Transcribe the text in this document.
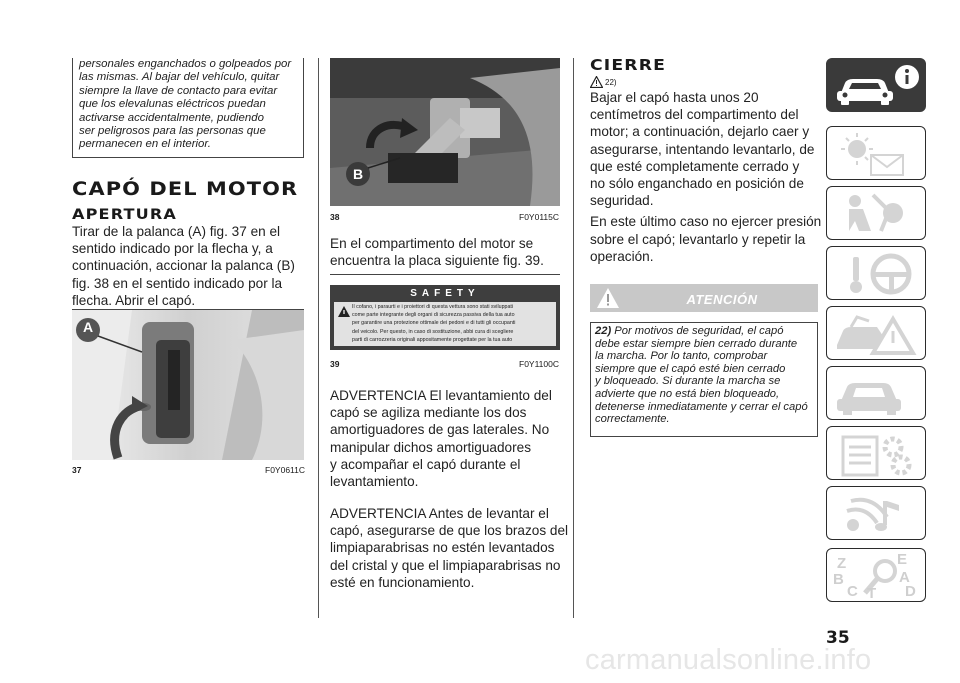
personales enganchados o golpeados por
las mismas. Al bajar del vehículo, quitar
siempre la llave de contacto para evitar
que los elevalunas eléctricos puedan
activarse accidentalmente, pudiendo
ser peligrosos para las personas que
permanecen en el interior.
CAPÓ DEL MOTOR
APERTURA
Tirar de la palanca (A) fig. 37 en el
sentido indicado por la flecha y, a
continuación, accionar la palanca (B)
fig. 38 en el sentido indicado por la
flecha. Abrir el capó.
A
37	F0Y0611C
B
38	F0Y0115C
En el compartimento del motor se
encuentra la placa siguiente fig. 39.
SAFETY
Il cofano, i paraurti e i proiettori di questa vettura sono stati sviluppati
come parte integrante degli organi di sicurezza passiva della tua auto
per garantire una protezione ottimale dei pedoni e di tutti gli occupanti
del veicolo. Per questo, in caso di sostituzione, abbi cura di scegliere
parti di carrozzeria originali appositamente progettate per la tua auto
39	F0Y1100C
ADVERTENCIA El levantamiento del
capó se agiliza mediante los dos
amortiguadores de gas laterales. No
manipular dichos amortiguadores
y acompañar el capó durante el
levantamiento.
ADVERTENCIA Antes de levantar el
capó, asegurarse de que los brazos del
limpiaparabrisas no estén levantados
del cristal y que el limpiaparabrisas no
esté en funcionamiento.
CIERRE
22)
Bajar el capó hasta unos 20
centímetros del compartimento del
motor; a continuación, dejarlo caer y
asegurarse, intentando levantarlo, de
que esté completamente cerrado y
no sólo enganchado en posición de
seguridad.
En este último caso no ejercer presión
sobre el capó; levantarlo y repetir la
operación.
ATENCIÓN
22) Por motivos de seguridad, el capó
debe estar siempre bien cerrado durante
la marcha. Por lo tanto, comprobar
siempre que el capó esté bien cerrado
y bloqueado. Si durante la marcha se
advierte que no está bien bloqueado,
detenerse inmediatamente y cerrar el capó
correctamente.
Z	E
B	A
C T D
35
carmanualsonline.info
